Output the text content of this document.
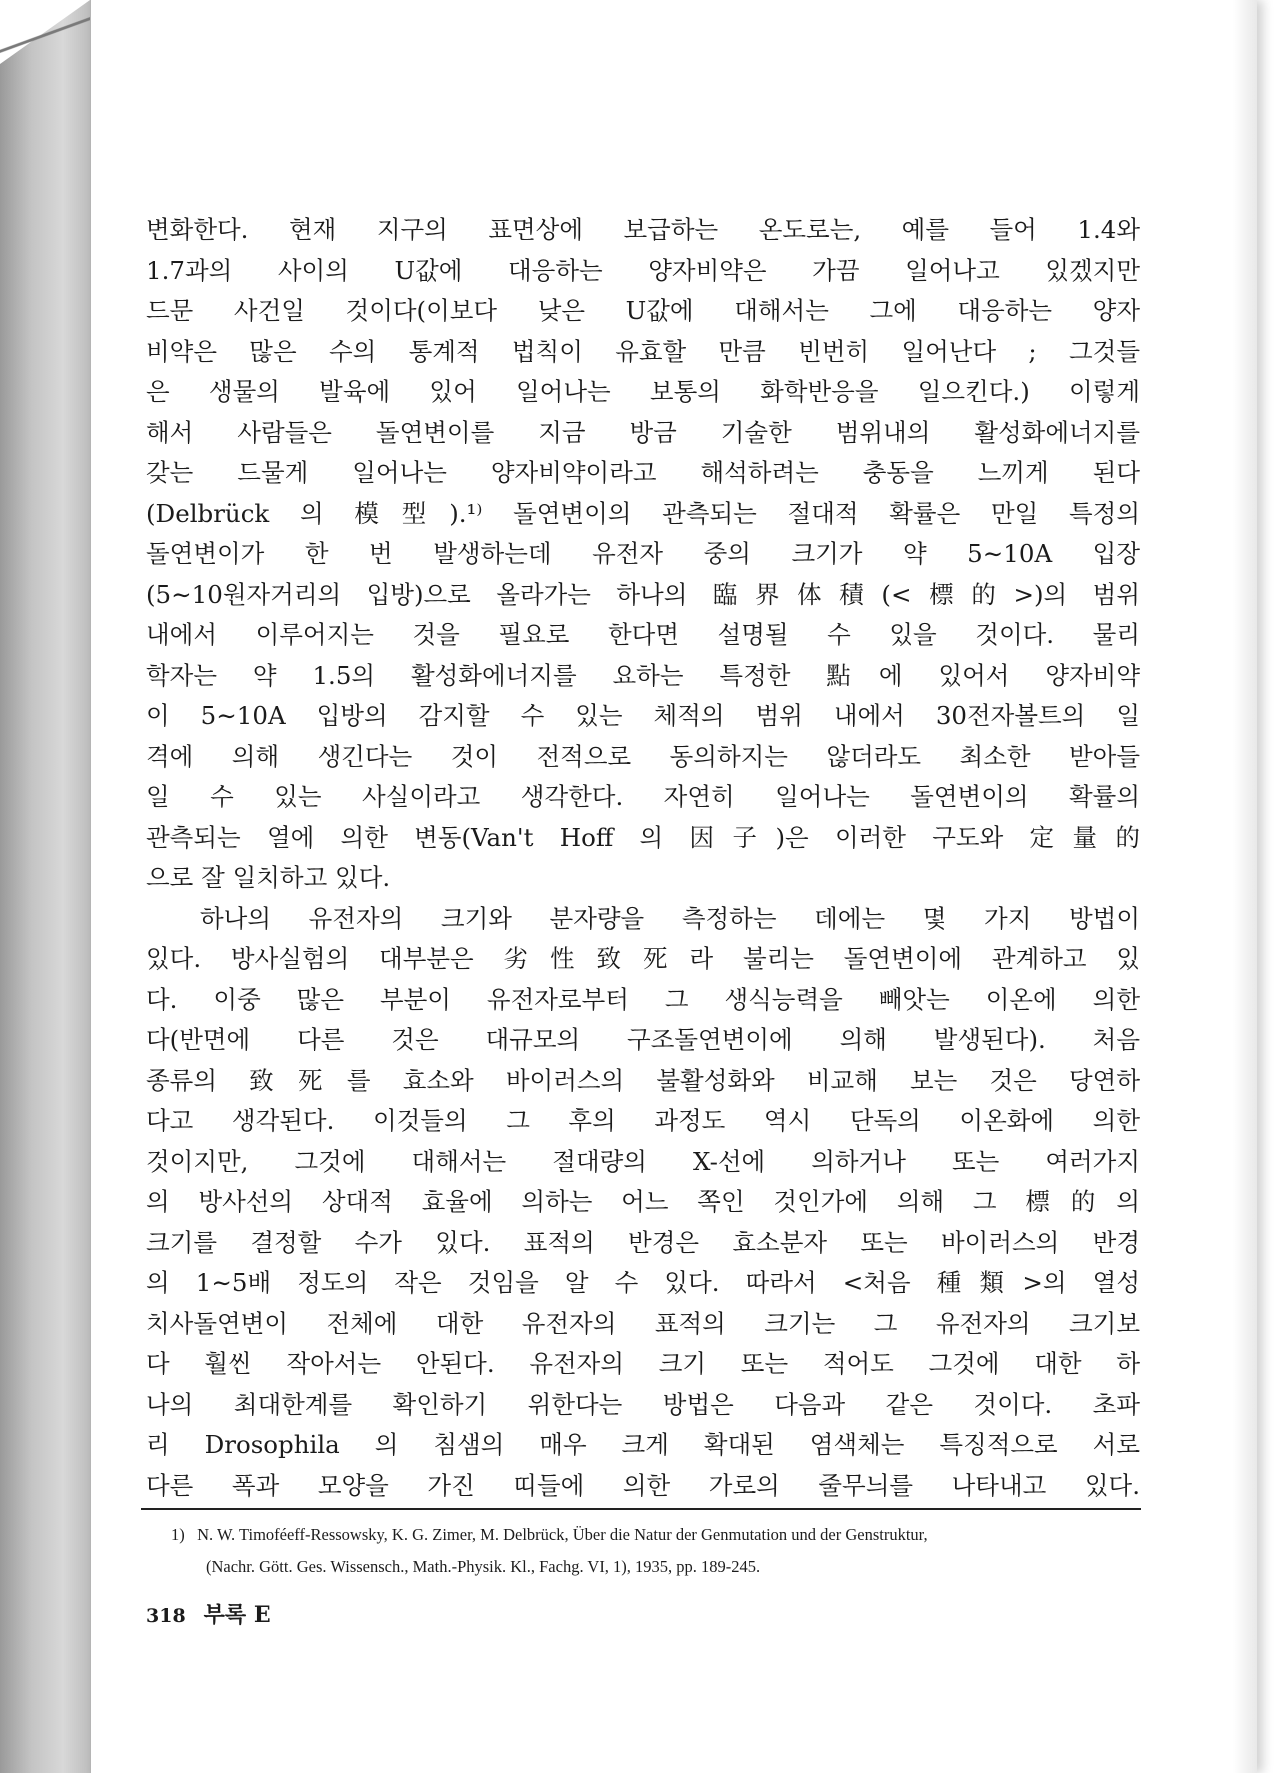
변화한다. 현재 지구의 표면상에 보급하는 온도로는, 예를 들어 1.4와
1.7과의 사이의 U값에 대응하는 양자비약은 가끔 일어나고 있겠지만
드문 사건일 것이다(이보다 낮은 U값에 대해서는 그에 대응하는 양자
비약은 많은 수의 통계적 법칙이 유효할 만큼 빈번히 일어난다 ; 그것들
은 생물의 발육에 있어 일어나는 보통의 화학반응을 일으킨다.) 이렇게
해서 사람들은 돌연변이를 지금 방금 기술한 범위내의 활성화에너지를
갖는 드물게 일어나는 양자비약이라고 해석하려는 충동을 느끼게 된다
(Delbrück 의 模型).¹⁾ 돌연변이의 관측되는 절대적 확률은 만일 특정의
돌연변이가 한 번 발생하는데 유전자 중의 크기가 약 5∼10A 입장
(5∼10원자거리의 입방)으로 올라가는 하나의 臨界体積(<標的>)의 범위
내에서 이루어지는 것을 필요로 한다면 설명될 수 있을 것이다. 물리
학자는 약 1.5의 활성화에너지를 요하는 특정한 點에 있어서 양자비약
이 5∼10A 입방의 감지할 수 있는 체적의 범위 내에서 30전자볼트의 일
격에 의해 생긴다는 것이 전적으로 동의하지는 않더라도 최소한 받아들
일 수 있는 사실이라고 생각한다. 자연히 일어나는 돌연변이의 확률의
관측되는 열에 의한 변동(Van't Hoff 의 因子)은 이러한 구도와 定量的
으로 잘 일치하고 있다.
하나의 유전자의 크기와 분자량을 측정하는 데에는 몇 가지 방법이
있다. 방사실험의 대부분은 劣性致死라 불리는 돌연변이에 관계하고 있
다. 이중 많은 부분이 유전자로부터 그 생식능력을 빼앗는 이온에 의한
다(반면에 다른 것은 대규모의 구조돌연변이에 의해 발생된다). 처음
종류의 致死를 효소와 바이러스의 불활성화와 비교해 보는 것은 당연하
다고 생각된다. 이것들의 그 후의 과정도 역시 단독의 이온화에 의한
것이지만, 그것에 대해서는 절대량의 X-선에 의하거나 또는 여러가지
의 방사선의 상대적 효율에 의하는 어느 쪽인 것인가에 의해 그 標的의
크기를 결정할 수가 있다. 표적의 반경은 효소분자 또는 바이러스의 반경
의 1∼5배 정도의 작은 것임을 알 수 있다. 따라서 <처음 種類>의 열성
치사돌연변이 전체에 대한 유전자의 표적의 크기는 그 유전자의 크기보
다 훨씬 작아서는 안된다. 유전자의 크기 또는 적어도 그것에 대한 하
나의 최대한계를 확인하기 위한다는 방법은 다음과 같은 것이다. 초파
리 Drosophila 의 침샘의 매우 크게 확대된 염색체는 특징적으로 서로
다른 폭과 모양을 가진 띠들에 의한 가로의 줄무늬를 나타내고 있다.
1) N. W. Timoféeff-Ressowsky, K. G. Zimer, M. Delbrück, Über die Natur der Genmutation und der Genstruktur,
(Nachr. Gött. Ges. Wissensch., Math.-Physik. Kl., Fachg. VI, 1), 1935, pp. 189-245.
318 부록 E
